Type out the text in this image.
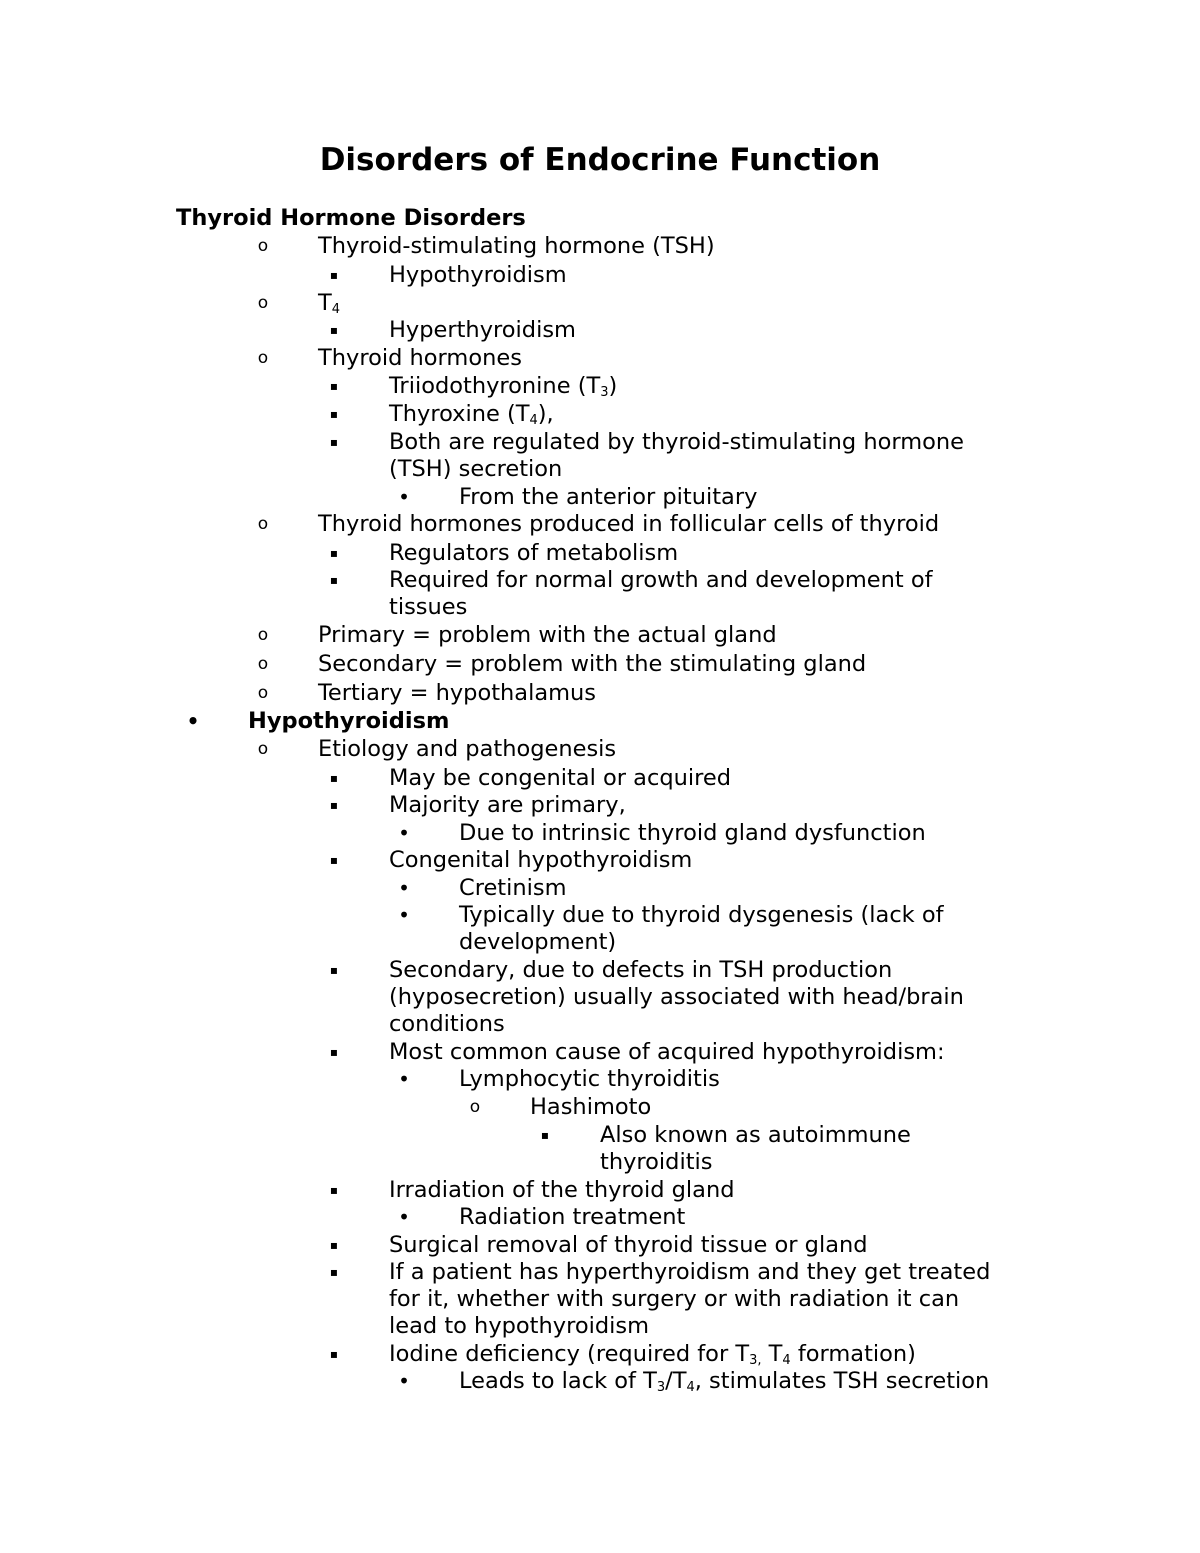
Disorders of Endocrine Function
Thyroid Hormone Disorders
o	Thyroid-stimulating hormone (TSH)
▪	Hypothyroidism
o	$T_4$
▪	Hyperthyroidism
o	Thyroid hormones
▪	Triiodothyronine $(T_3)$
▪	Thyroxine $(T_4)$,
▪	Both are regulated by thyroid-stimulating hormone
(TSH) secretion
•	From the anterior pituitary
o	Thyroid hormones produced in follicular cells of thyroid
▪	Regulators of metabolism
▪	Required for normal growth and development of
tissues
o	Primary = problem with the actual gland
o	Secondary = problem with the stimulating gland
o	Tertiary = hypothalamus
•	Hypothyroidism
o	Etiology and pathogenesis
▪	May be congenital or acquired
▪	Majority are primary,
•	Due to intrinsic thyroid gland dysfunction
▪	Congenital hypothyroidism
•	Cretinism
•	Typically due to thyroid dysgenesis (lack of
development)
▪	Secondary, due to defects in TSH production
(hyposecretion) usually associated with head/brain
conditions
▪	Most common cause of acquired hypothyroidism:
•	Lymphocytic thyroiditis
o	Hashimoto
▪	Also known as autoimmune
thyroiditis
▪	Irradiation of the thyroid gland
•	Radiation treatment
▪	Surgical removal of thyroid tissue or gland
▪	If a patient has hyperthyroidism and they get treated
for it, whether with surgery or with radiation it can
lead to hypothyroidism
▪	Iodine deficiency (required for $T_{3,}$ $T_4$ formation)
•	Leads to lack of $T_3/T_4$, stimulates TSH secretion
